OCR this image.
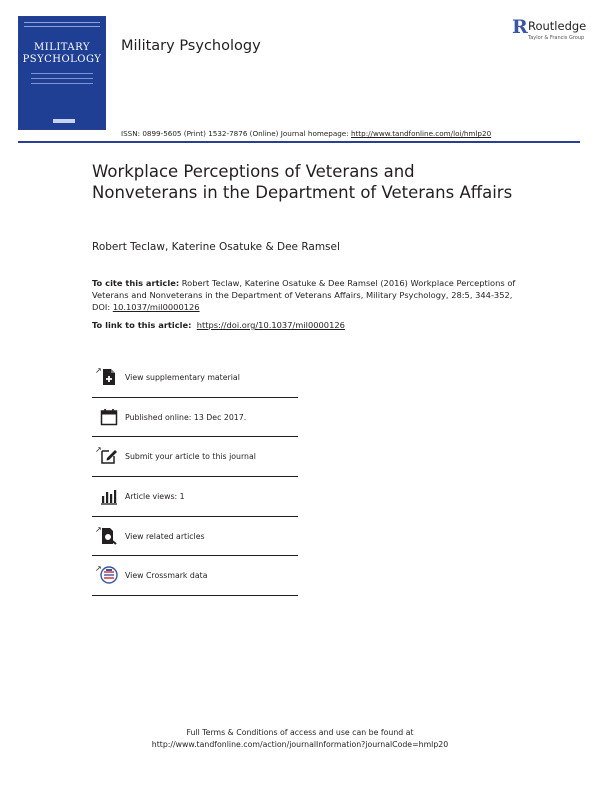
MILITARY
PSYCHOLOGY
Military Psychology
R Routledge
Taylor & Francis Group
ISSN: 0899-5605 (Print) 1532-7876 (Online) Journal homepage: http://www.tandfonline.com/loi/hmlp20
Workplace Perceptions of Veterans and Nonveterans in the Department of Veterans Affairs
Robert Teclaw, Katerine Osatuke & Dee Ramsel
To cite this article: Robert Teclaw, Katerine Osatuke & Dee Ramsel (2016) Workplace Perceptions of Veterans and Nonveterans in the Department of Veterans Affairs, Military Psychology, 28:5, 344-352, DOI: 10.1037/mil0000126
To link to this article: https://doi.org/10.1037/mil0000126
View supplementary material
↗
Published online: 13 Dec 2017.
Submit your article to this journal
↗
Article views: 1
View related articles
↗
View Crossmark data
↗
Full Terms & Conditions of access and use can be found at
http://www.tandfonline.com/action/journalInformation?journalCode=hmlp20
